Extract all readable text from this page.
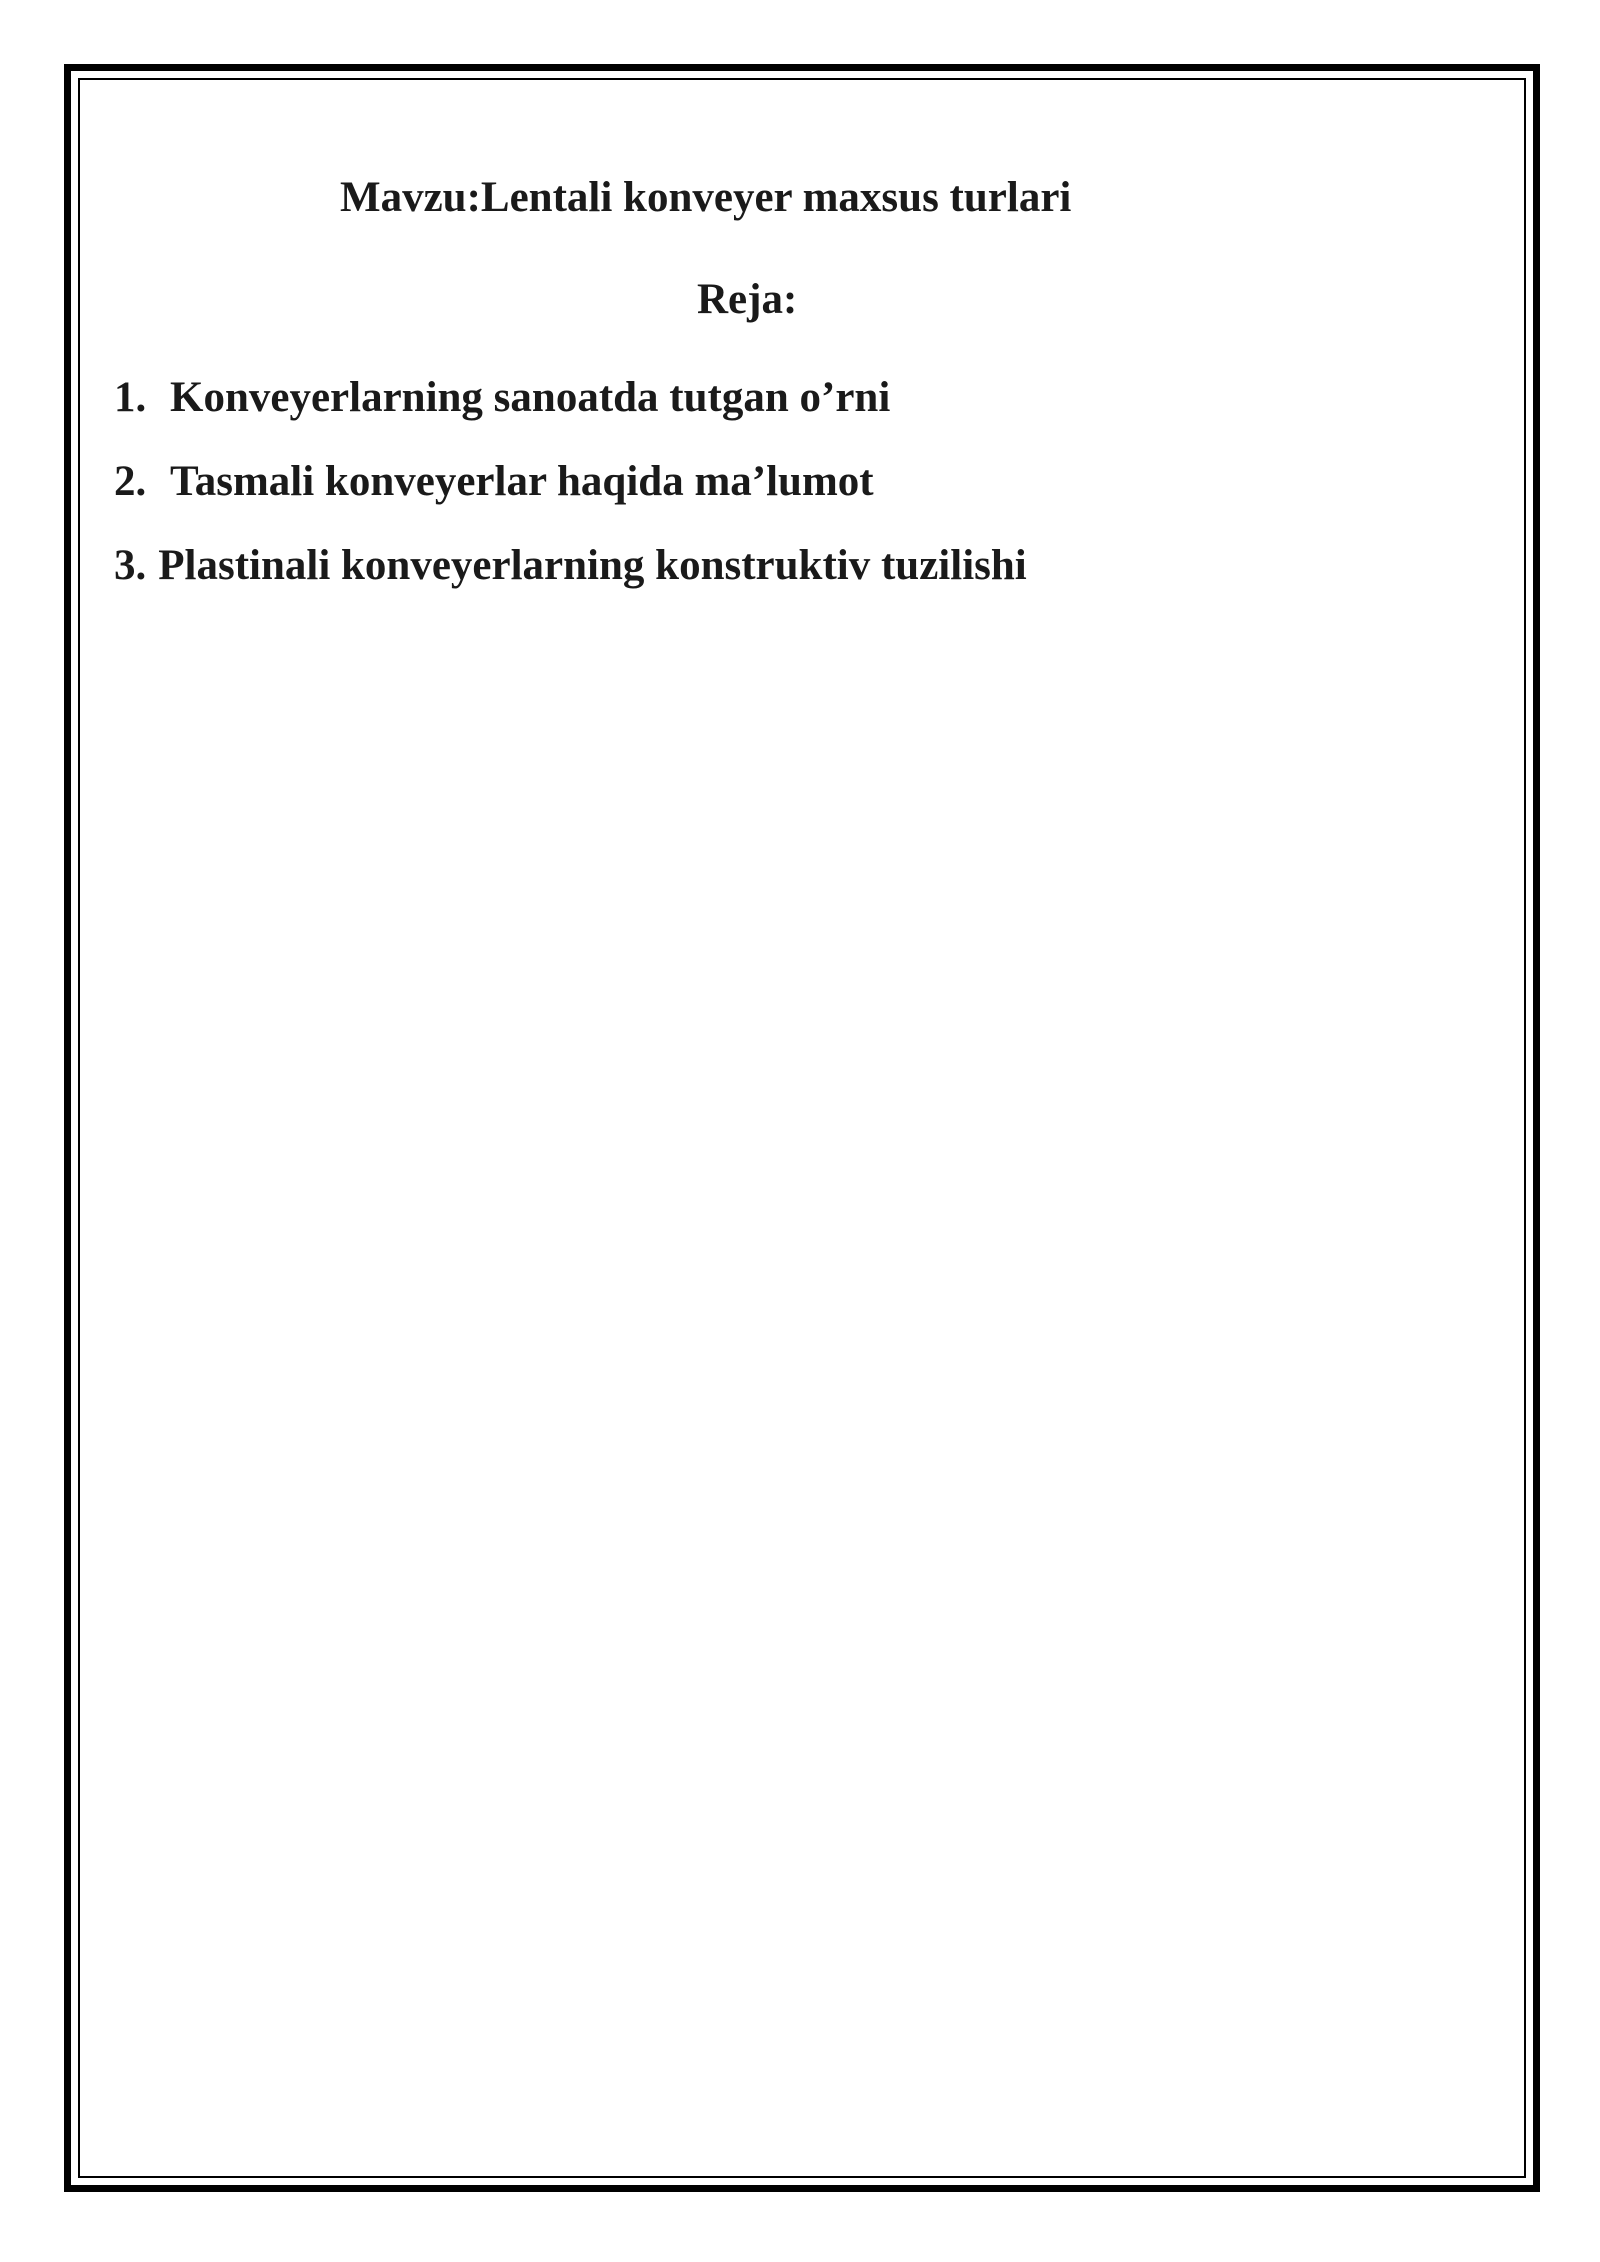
Mavzu:Lentali konveyer maxsus turlari
Reja:
1. Konveyerlarning sanoatda tutgan o’rni
2. Tasmali konveyerlar haqida ma’lumot
3. Plastinali konveyerlarning konstruktiv tuzilishi
